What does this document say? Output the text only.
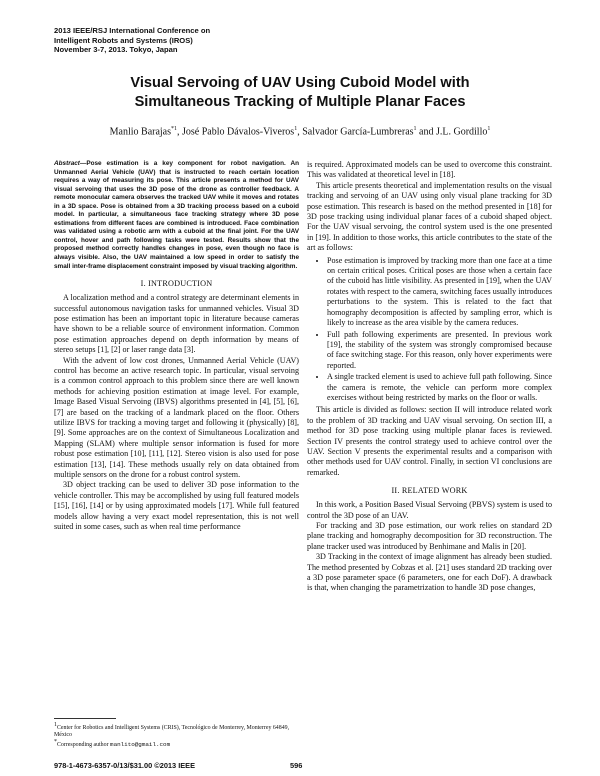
2013 IEEE/RSJ International Conference on
Intelligent Robots and Systems (IROS)
November 3-7, 2013. Tokyo, Japan
Visual Servoing of UAV Using Cuboid Model with
Simultaneous Tracking of Multiple Planar Faces
Manlio Barajas$^{*1}$, José Pablo Dávalos-Viveros$^1$, Salvador García-Lumbreras$^1$ and J.L. Gordillo$^1$

Abstract—Pose estimation is a key component for robot navigation. An Unmanned Aerial Vehicle (UAV) that is instructed to reach certain location requires a way of measuring its pose. This article presents a method for UAV visual servoing that uses the 3D pose of the drone as controller feedback. A remote monocular camera observes the tracked UAV while it moves and rotates in a 3D space. Pose is obtained from a 3D tracking process based on a cuboid model. In particular, a simultaneous face tracking strategy where 3D pose estimations from different faces are combined is introduced. Face combination was validated using a robotic arm with a cuboid at the final joint. For the UAV control, hover and path following tasks were tested. Results show that the proposed method correctly handles changes in pose, even though no face is always visible. Also, the UAV maintained a low speed in order to satisfy the small inter-frame displacement constraint imposed by visual tracking algorithm.

I. INTRODUCTION

A localization method and a control strategy are determinant elements in successful autonomous navigation tasks for unmanned vehicles. Visual 3D pose estimation has been an important topic in literature because cameras have shown to be a reliable source of environment information. Common pose estimation approaches depend on depth information by means of stereo setups [1], [2] or laser range data [3].

With the advent of low cost drones, Unmanned Aerial Vehicle (UAV) control has become an active research topic. In particular, visual servoing is a common control approach to this problem since there are well known methods for achieving position estimation at image level. For example, Image Based Visual Servoing (IBVS) algorithms presented in [4], [5], [6], [7] are based on the tracking of a landmark placed on the floor. Others utilize IBVS for tracking a moving target and following it (physically) [8], [9]. Some approaches are on the context of Simultaneous Localization and Mapping (SLAM) where multiple sensor information is fused for more robust pose estimation [10], [11], [12]. Stereo vision is also used for pose estimation [13], [14]. These methods usually rely on data obtained from multiple sensors on the drone for a robust control system.

3D object tracking can be used to deliver 3D pose information to the vehicle controller. This may be accomplished by using full featured models [15], [16], [14] or by using approximated models [17]. While full featured models allow having a very exact model representation, this is not well suited in some cases, such as when real time performance

is required. Approximated models can be used to overcome this constraint. This was validated at theoretical level in [18].

This article presents theoretical and implementation results on the visual tracking and servoing of an UAV using only visual plane tracking for 3D pose estimation. This research is based on the method presented in [18] for 3D pose tracking using individual planar faces of a cuboid shaped object. For the UAV visual servoing, the control system used is the one presented in [19]. In addition to those works, this article contributes to the state of the art as follows:

• Pose estimation is improved by tracking more than one face at a time on certain critical poses. Critical poses are those when a certain face of the cuboid has little visibility. As presented in [19], when the UAV rotates with respect to the camera, switching faces usually introduces perturbations to the system. This is related to the fact that homography decomposition is affected by sampling error, which is likely to increase as the area visible by the camera reduces.
• Full path following experiments are presented. In previous work [19], the stability of the system was strongly compromised because of face switching stage. For this reason, only hover experiments were reported.
• A single tracked element is used to achieve full path following. Since the camera is remote, the vehicle can perform more complex exercises without being restricted by marks on the floor or walls.

This article is divided as follows: section II will introduce related work to the problem of 3D tracking and UAV visual servoing. On section III, a method for 3D pose tracking using multiple planar faces is reviewed. Section IV presents the control strategy used to achieve control over the UAV. Section V presents the experimental results and a comparison with other methods used for UAV control. Finally, in section VI conclusions are remarked.

II. RELATED WORK

In this work, a Position Based Visual Servoing (PBVS) system is used to control the 3D pose of an UAV.

For tracking and 3D pose estimation, our work relies on standard 2D plane tracking and homography decomposition for 3D reconstruction. The plane tracker used was introduced by Benhimane and Malis in [20].

3D Tracking in the context of image alignment has already been studied. The method presented by Cobzas et al. [21] uses standard 2D tracking over a 3D pose parameter space (6 parameters, one for each DoF). A drawback is that, when changing the parametrization to handle 3D pose changes,

$^1$Center for Robotics and Intelligent Systems (CRIS), Tecnológico de Monterrey, Monterrey 64849, México
*Corresponding author manlito@gmail.com
978-1-4673-6357-0/13/$31.00 ©2013 IEEE	596
